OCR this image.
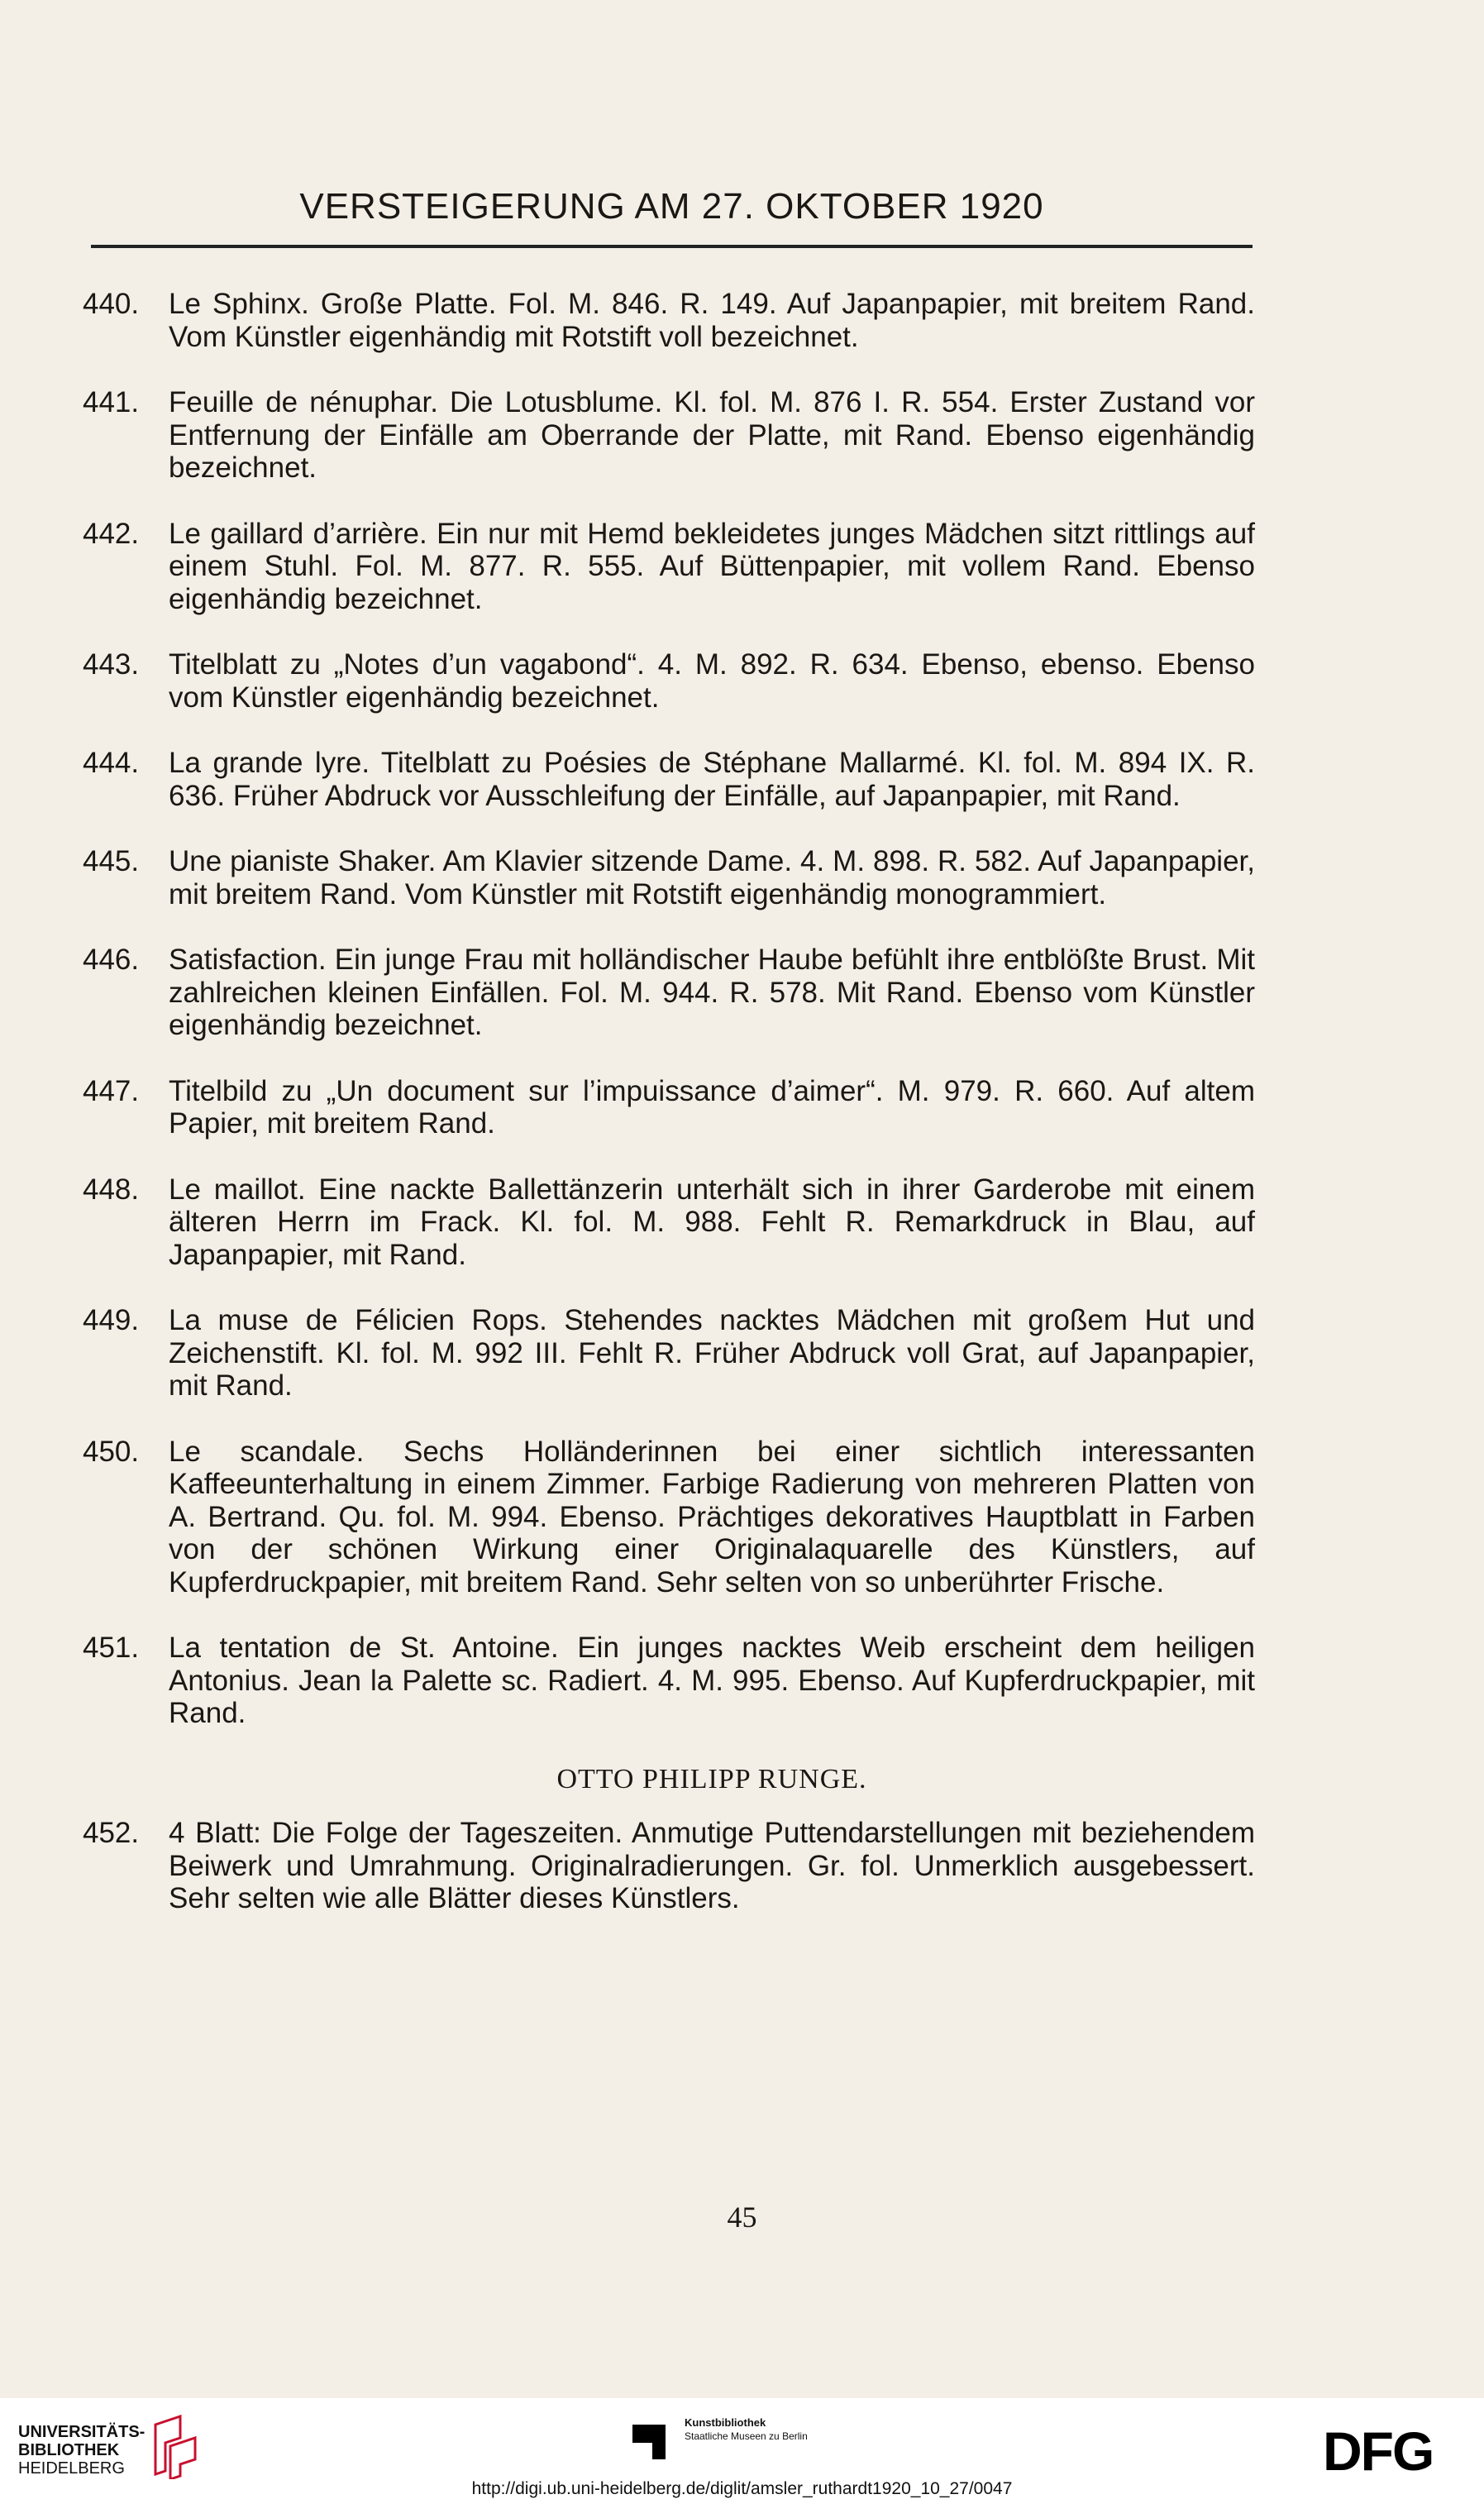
VERSTEIGERUNG AM 27. OKTOBER 1920
440.	Le Sphinx. Große Platte. Fol. M. 846. R. 149. Auf Japanpapier, mit breitem Rand. Vom Künstler eigenhändig mit Rotstift voll bezeichnet.
441.	Feuille de nénuphar. Die Lotusblume. Kl. fol. M. 876 I. R. 554. Erster Zustand vor Entfernung der Einfälle am Oberrande der Platte, mit Rand. Ebenso eigenhändig bezeichnet.
442.	Le gaillard d’arrière. Ein nur mit Hemd bekleidetes junges Mädchen sitzt rittlings auf einem Stuhl. Fol. M. 877. R. 555. Auf Büttenpapier, mit vollem Rand. Ebenso eigenhändig bezeichnet.
443.	Titelblatt zu „Notes d’un vagabond“. 4. M. 892. R. 634. Ebenso, ebenso. Ebenso vom Künstler eigenhändig bezeichnet.
444.	La grande lyre. Titelblatt zu Poésies de Stéphane Mallarmé. Kl. fol. M. 894 IX. R. 636. Früher Abdruck vor Ausschleifung der Einfälle, auf Japanpapier, mit Rand.
445.	Une pianiste Shaker. Am Klavier sitzende Dame. 4. M. 898. R. 582. Auf Japanpapier, mit breitem Rand. Vom Künstler mit Rotstift eigenhändig monogrammiert.
446.	Satisfaction. Ein junge Frau mit holländischer Haube befühlt ihre entblößte Brust. Mit zahlreichen kleinen Einfällen. Fol. M. 944. R. 578. Mit Rand. Ebenso vom Künstler eigenhändig bezeichnet.
447.	Titelbild zu „Un document sur l’impuissance d’aimer“. M. 979. R. 660. Auf altem Papier, mit breitem Rand.
448.	Le maillot. Eine nackte Ballettänzerin unterhält sich in ihrer Garderobe mit einem älteren Herrn im Frack. Kl. fol. M. 988. Fehlt R. Remarkdruck in Blau, auf Japanpapier, mit Rand.
449.	La muse de Félicien Rops. Stehendes nacktes Mädchen mit großem Hut und Zeichenstift. Kl. fol. M. 992 III. Fehlt R. Früher Abdruck voll Grat, auf Japanpapier, mit Rand.
450.	Le scandale. Sechs Holländerinnen bei einer sichtlich interessanten Kaffeeunterhaltung in einem Zimmer. Farbige Radierung von mehreren Platten von A. Bertrand. Qu. fol. M. 994. Ebenso. Prächtiges dekoratives Hauptblatt in Farben von der schönen Wirkung einer Originalaquarelle des Künstlers, auf Kupferdruckpapier, mit breitem Rand. Sehr selten von so unberührter Frische.
451.	La tentation de St. Antoine. Ein junges nacktes Weib erscheint dem heiligen Antonius. Jean la Palette sc. Radiert. 4. M. 995. Ebenso. Auf Kupferdruckpapier, mit Rand.
OTTO PHILIPP RUNGE.
452.	4 Blatt: Die Folge der Tageszeiten. Anmutige Puttendarstellungen mit beziehendem Beiwerk und Umrahmung. Originalradierungen. Gr. fol. Unmerklich ausgebessert. Sehr selten wie alle Blätter dieses Künstlers.
45
UNIVERSITÄTS-
BIBLIOTHEK
HEIDELBERG
Kunstbibliothek
Staatliche Museen zu Berlin	DFG
http://digi.ub.uni-heidelberg.de/diglit/amsler_ruthardt1920_10_27/0047
